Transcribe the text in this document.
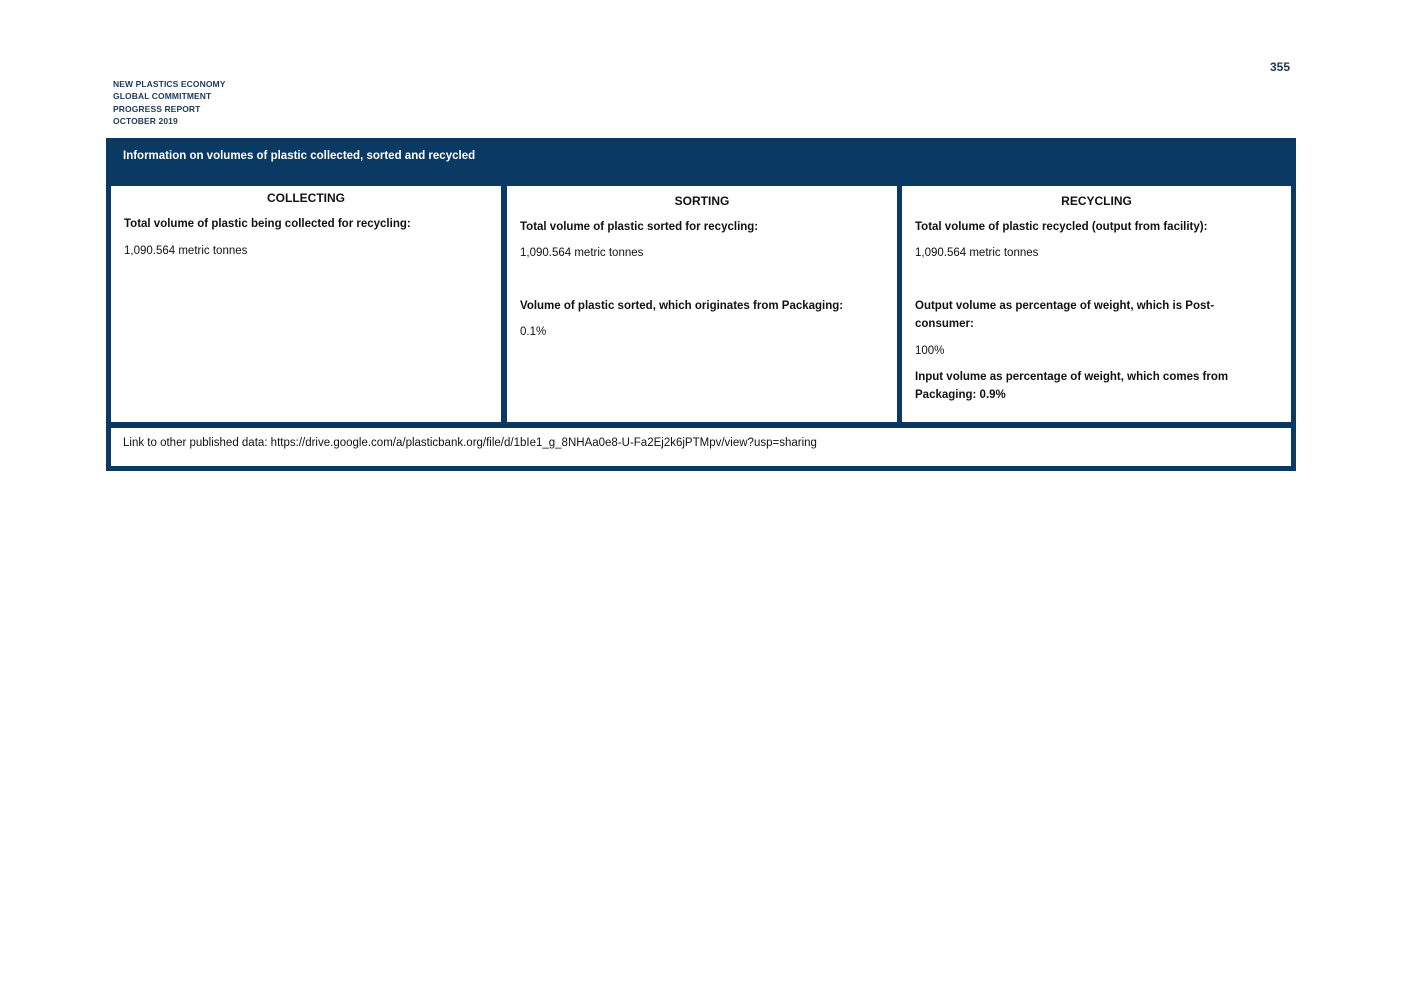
355
NEW PLASTICS ECONOMY
GLOBAL COMMITMENT
PROGRESS REPORT
OCTOBER 2019
Information on volumes of plastic collected, sorted and recycled
COLLECTING
Total volume of plastic being collected for recycling:
1,090.564 metric tonnes
SORTING
Total volume of plastic sorted for recycling:
1,090.564 metric tonnes
Volume of plastic sorted, which originates from Packaging:
0.1%
RECYCLING
Total volume of plastic recycled (output from facility):
1,090.564 metric tonnes
Output volume as percentage of weight, which is Post-consumer:
100%
Input volume as percentage of weight, which comes from Packaging: 0.9%
Link to other published data: https://drive.google.com/a/plasticbank.org/file/d/1bIe1_g_8NHAa0e8-U-Fa2Ej2k6jPTMpv/view?usp=sharing
